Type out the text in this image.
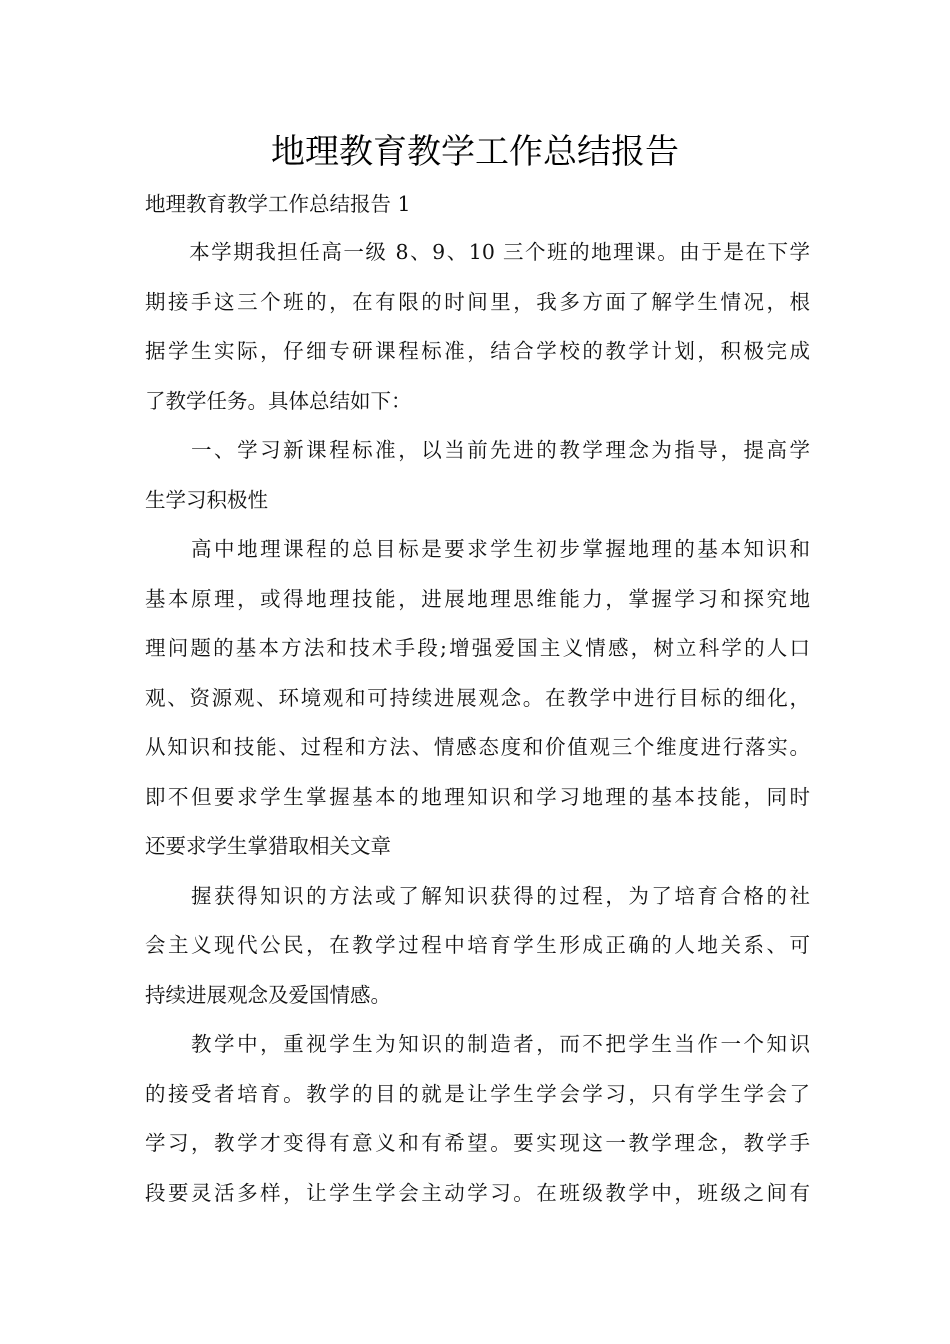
地理教育教学工作总结报告

地理教育教学工作总结报告 1

　　本学期我担任高一级 8、9、10 三个班的地理课。由于是在下学
期接手这三个班的，在有限的时间里，我多方面了解学生情况，根
据学生实际，仔细专研课程标准，结合学校的教学计划，积极完成
了教学任务。具体总结如下：

　　一、学习新课程标准，以当前先进的教学理念为指导，提高学
生学习积极性

　　高中地理课程的总目标是要求学生初步掌握地理的基本知识和
基本原理，或得地理技能，进展地理思维能力，掌握学习和探究地
理问题的基本方法和技术手段;增强爱国主义情感，树立科学的人口
观、资源观、环境观和可持续进展观念。在教学中进行目标的细化，
从知识和技能、过程和方法、情感态度和价值观三个维度进行落实。
即不但要求学生掌握基本的地理知识和学习地理的基本技能，同时
还要求学生掌猎取相关文章

　　握获得知识的方法或了解知识获得的过程，为了培育合格的社
会主义现代公民，在教学过程中培育学生形成正确的人地关系、可
持续进展观念及爱国情感。

　　教学中，重视学生为知识的制造者，而不把学生当作一个知识
的接受者培育。教学的目的就是让学生学会学习，只有学生学会了
学习，教学才变得有意义和有希望。要实现这一教学理念，教学手
段要灵活多样，让学生学会主动学习。在班级教学中，班级之间有
